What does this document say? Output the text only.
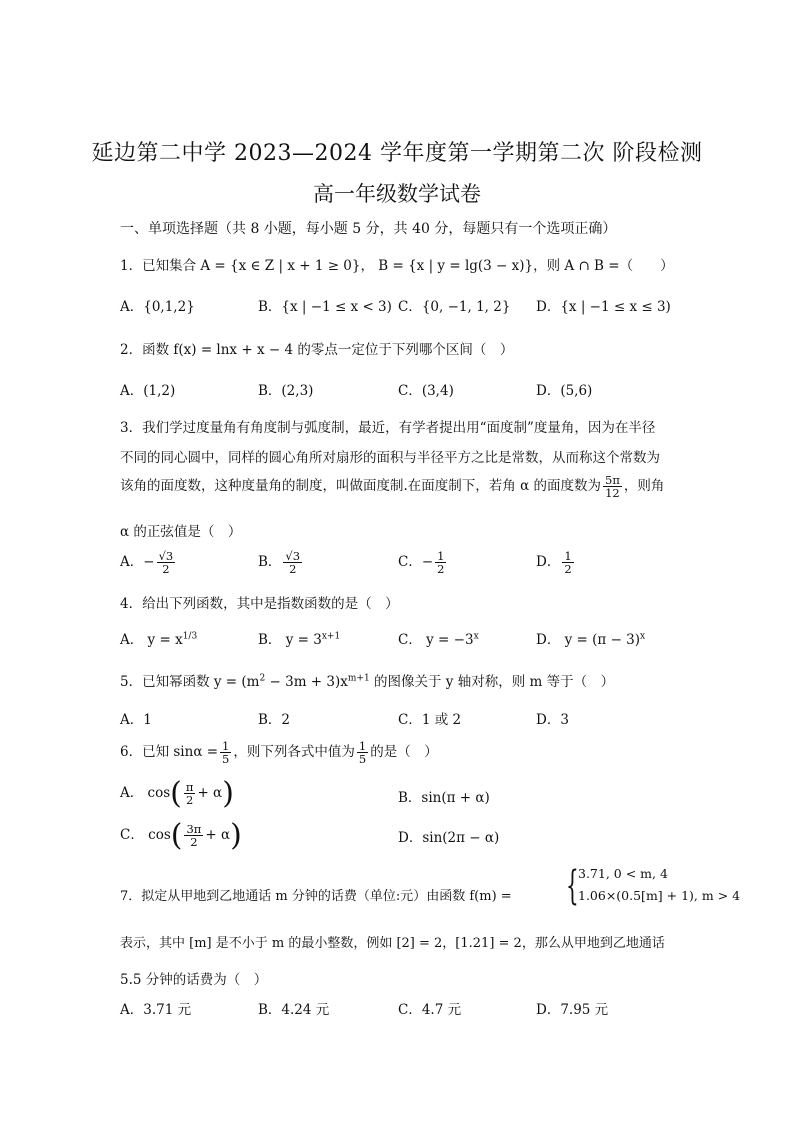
延边第二中学 2023—2024 学年度第一学期第二次 阶段检测
高一年级数学试卷
一、单项选择题（共 8 小题，每小题 5 分，共 40 分，每题只有一个选项正确）
1．已知集合 A = {x ∈ Z | x + 1 ≥ 0}， B = {x | y = lg(3 − x)}，则 A ∩ B =（　　）
A．{0,1,2}	B．{x | −1 ≤ x < 3) C．{0, −1, 1, 2} D．{x | −1 ≤ x ≤ 3)
2．函数 f(x) = lnx + x − 4 的零点一定位于下列哪个区间（　）
A．(1,2)	B．(2,3)	C．(3,4)	D．(5,6)
3．我们学过度量角有角度制与弧度制，最近，有学者提出用“面度制”度量角，因为在半径
不同的同心圆中，同样的圆心角所对扇形的面积与半径平方之比是常数，从而称这个常数为
该角的面度数，这种度量角的制度，叫做面度制.在面度制下，若角 α 的面度数为 $\frac{5\pi}{12}$ ，则角
α 的正弦值是（　）
A．− $\frac{√3}{2}$	B． $\frac{√3}{2}$	C．− $\frac{1}{2}$	D． $\frac{1}{2}$
4．给出下列函数，其中是指数函数的是（　）
A． $y = x^{1/3}$	B． $y = 3^{x+1}$	C． $y = -3^x$	D． $y = (\pi - 3)^x$
5．已知幂函数 $y = (m^2 - 3m + 3)x^{m+1}$ 的图像关于 y 轴对称，则 m 等于（　）
A．1	B．2	C．1 或 2	D．3
6．已知 $\sin\alpha = \frac{1}{5}$ ，则下列各式中值为 $\frac{1}{5}$ 的是（　）
A． $\cos( \frac{\pi}{2} + \alpha)$	B．sin(π + α)
C． $\cos( \frac{3\pi}{2} + \alpha)$	D．sin(2π − α)
7．拟定从甲地到乙地通话 m 分钟的话费（单位:元）由函数 f(m) = { 3.71, 0 < m, 4
1.06×(0.5[m] + 1), m > 4
表示，其中 [m] 是不小于 m 的最小整数，例如 [2] = 2，[1.21] = 2，那么从甲地到乙地通话
5.5 分钟的话费为（　）
A．3.71 元	B．4.24 元	C．4.7 元	D．7.95 元
